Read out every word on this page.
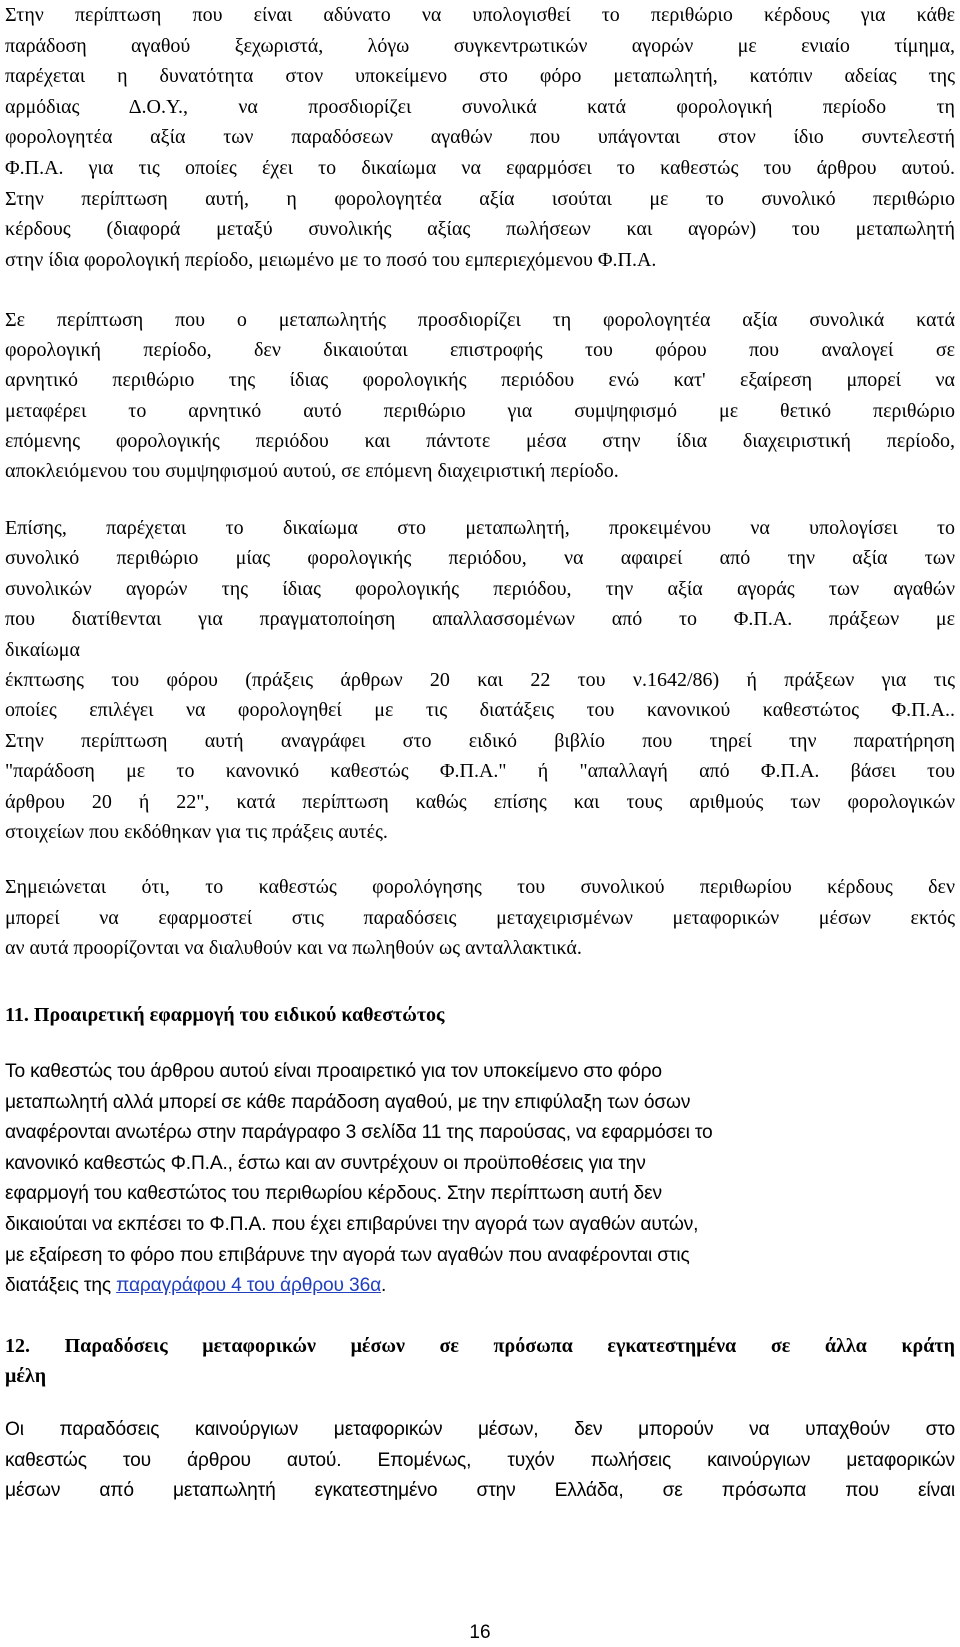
Στην περίπτωση που είναι αδύνατο να υπολογισθεί το περιθώριο κέρδους για κάθε
παράδοση αγαθού ξεχωριστά, λόγω συγκεντρωτικών αγορών με ενιαίο τίμημα,
παρέχεται η δυνατότητα στον υποκείμενο στο φόρο μεταπωλητή, κατόπιν αδείας της
αρμόδιας Δ.Ο.Υ., να προσδιορίζει συνολικά κατά φορολογική περίοδο τη
φορολογητέα αξία των παραδόσεων αγαθών που υπάγονται στον ίδιο συντελεστή
Φ.Π.Α. για τις οποίες έχει το δικαίωμα να εφαρμόσει το καθεστώς του άρθρου αυτού.
Στην περίπτωση αυτή, η φορολογητέα αξία ισούται με το συνολικό περιθώριο
κέρδους (διαφορά μεταξύ συνολικής αξίας πωλήσεων και αγορών) του μεταπωλητή
στην ίδια φορολογική περίοδο, μειωμένο με το ποσό του εμπεριεχόμενου Φ.Π.Α.
Σε περίπτωση που ο μεταπωλητής προσδιορίζει τη φορολογητέα αξία συνολικά κατά
φορολογική περίοδο, δεν δικαιούται επιστροφής του φόρου που αναλογεί σε
αρνητικό περιθώριο της ίδιας φορολογικής περιόδου ενώ κατ' εξαίρεση μπορεί να
μεταφέρει το αρνητικό αυτό περιθώριο για συμψηφισμό με θετικό περιθώριο
επόμενης φορολογικής περιόδου και πάντοτε μέσα στην ίδια διαχειριστική περίοδο,
αποκλειόμενου του συμψηφισμού αυτού, σε επόμενη διαχειριστική περίοδο.
Επίσης, παρέχεται το δικαίωμα στο μεταπωλητή, προκειμένου να υπολογίσει το
συνολικό περιθώριο μίας φορολογικής περιόδου, να αφαιρεί από την αξία των
συνολικών αγορών της ίδιας φορολογικής περιόδου, την αξία αγοράς των αγαθών
που διατίθενται για πραγματοποίηση απαλλασσομένων από το Φ.Π.Α. πράξεων με
δικαίωμα
έκπτωσης του φόρου (πράξεις άρθρων 20 και 22 του ν.1642/86) ή πράξεων για τις
οποίες επιλέγει να φορολογηθεί με τις διατάξεις του κανονικού καθεστώτος Φ.Π.Α..
Στην περίπτωση αυτή αναγράφει στο ειδικό βιβλίο που τηρεί την παρατήρηση
"παράδοση με το κανονικό καθεστώς Φ.Π.Α." ή "απαλλαγή από Φ.Π.Α. βάσει του
άρθρου 20 ή 22", κατά περίπτωση καθώς επίσης και τους αριθμούς των φορολογικών
στοιχείων που εκδόθηκαν για τις πράξεις αυτές.
Σημειώνεται ότι, το καθεστώς φορολόγησης του συνολικού περιθωρίου κέρδους δεν
μπορεί να εφαρμοστεί στις παραδόσεις μεταχειρισμένων μεταφορικών μέσων εκτός
αν αυτά προορίζονται να διαλυθούν και να πωληθούν ως ανταλλακτικά.
11. Προαιρετική εφαρμογή του ειδικού καθεστώτος
Το καθεστώς του άρθρου αυτού είναι προαιρετικό για τον υποκείμενο στο φόρο
μεταπωλητή αλλά μπορεί σε κάθε παράδοση αγαθού, με την επιφύλαξη των όσων
αναφέρονται ανωτέρω στην παράγραφο 3 σελίδα 11 της παρούσας, να εφαρμόσει το
κανονικό καθεστώς Φ.Π.Α., έστω και αν συντρέχουν οι προϋποθέσεις για την
εφαρμογή του καθεστώτος του περιθωρίου κέρδους. Στην περίπτωση αυτή δεν
δικαιούται να εκπέσει το Φ.Π.Α. που έχει επιβαρύνει την αγορά των αγαθών αυτών,
με εξαίρεση το φόρο που επιβάρυνε την αγορά των αγαθών που αναφέρονται στις
διατάξεις της παραγράφου 4 του άρθρου 36α.
12. Παραδόσεις μεταφορικών μέσων σε πρόσωπα εγκατεστημένα σε άλλα κράτη
μέλη
Οι παραδόσεις καινούργιων μεταφορικών μέσων, δεν μπορούν να υπαχθούν στο
καθεστώς του άρθρου αυτού. Επομένως, τυχόν πωλήσεις καινούργιων μεταφορικών
μέσων από μεταπωλητή εγκατεστημένο στην Ελλάδα, σε πρόσωπα που είναι
16
